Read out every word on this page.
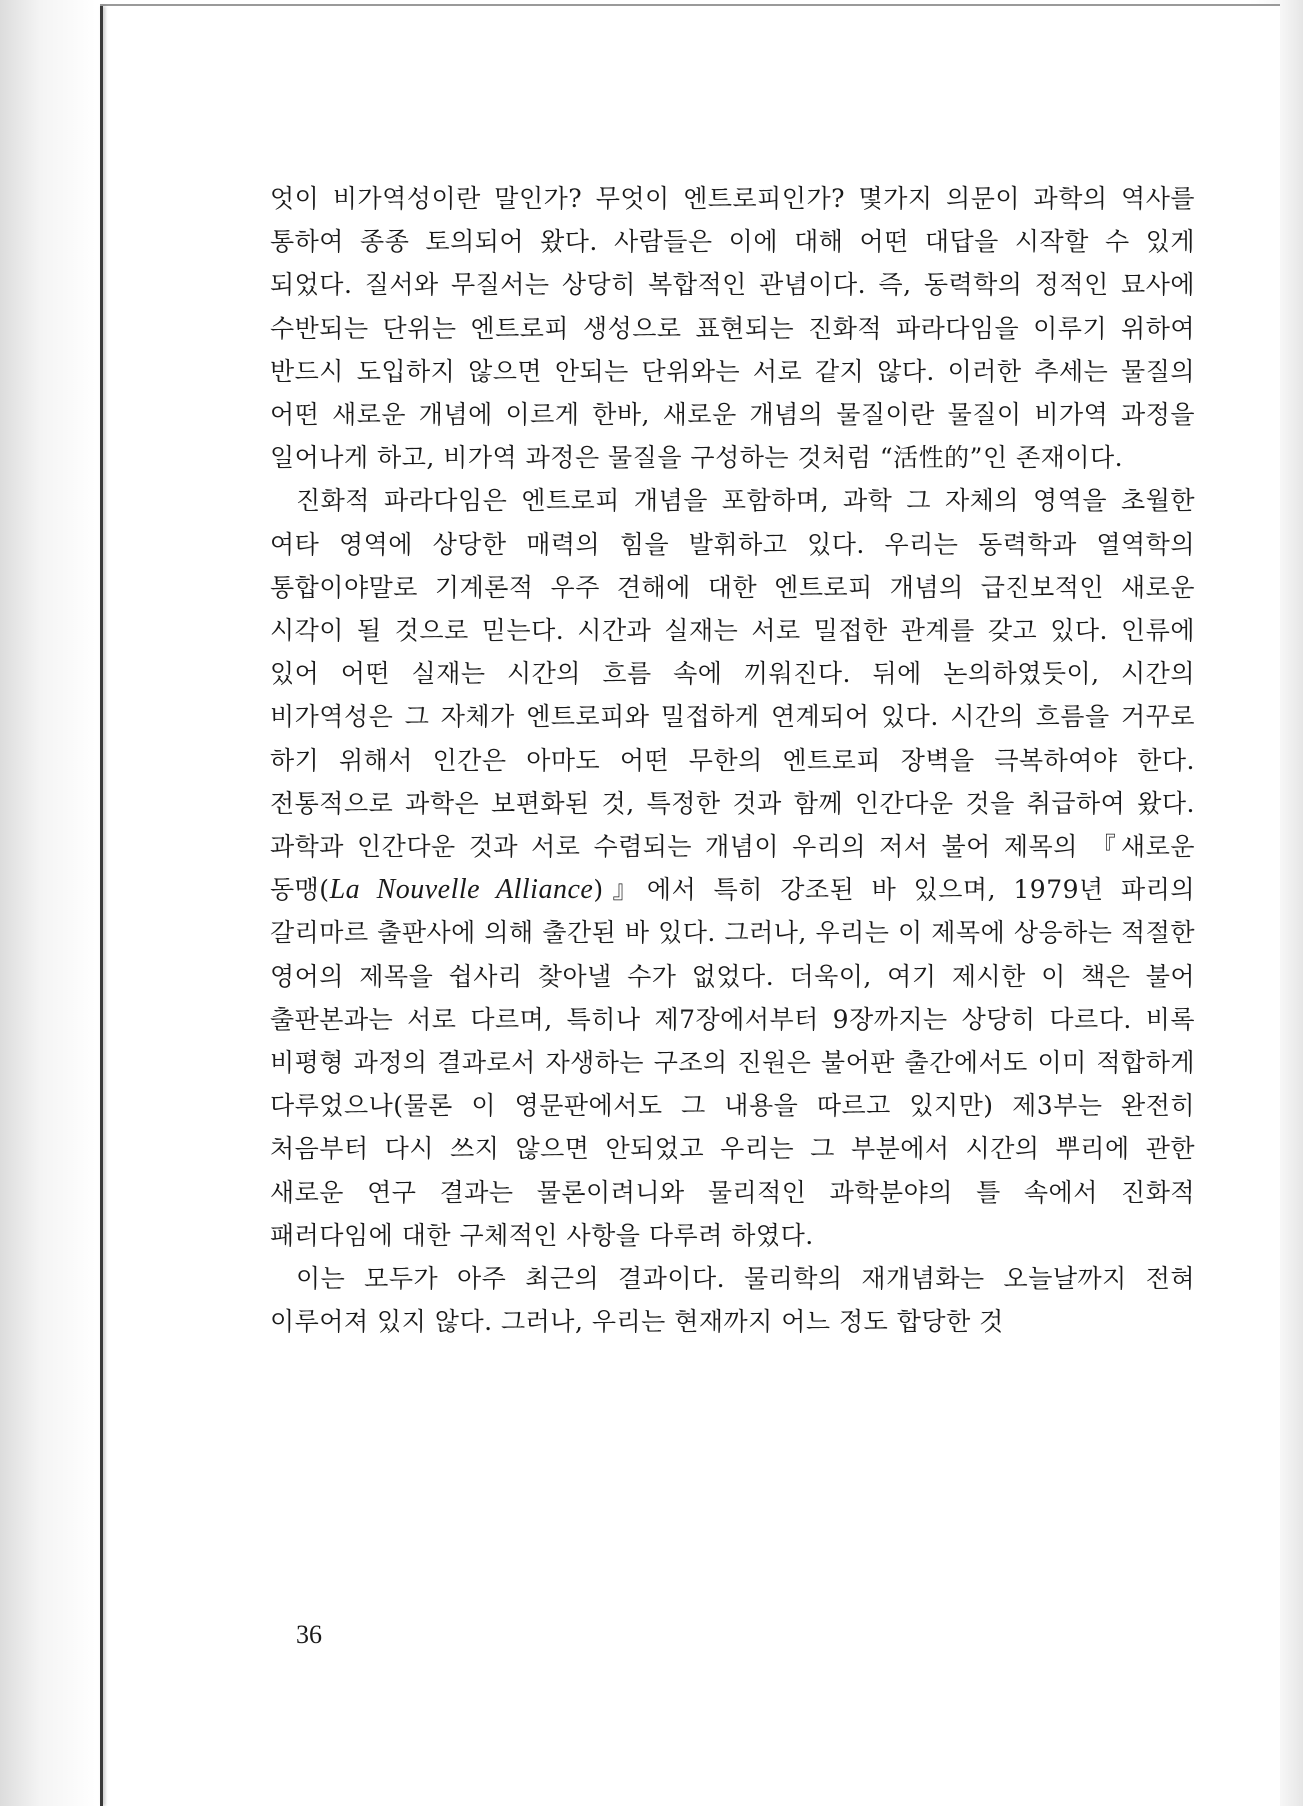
엇이 비가역성이란 말인가? 무엇이 엔트로피인가? 몇가지 의문이 과학의 역사를 통하여 종종 토의되어 왔다. 사람들은 이에 대해 어떤 대답을 시작할 수 있게 되었다. 질서와 무질서는 상당히 복합적인 관념이다. 즉, 동력학의 정적인 묘사에 수반되는 단위는 엔트로피 생성으로 표현되는 진화적 파라다임을 이루기 위하여 반드시 도입하지 않으면 안되는 단위와는 서로 같지 않다. 이러한 추세는 물질의 어떤 새로운 개념에 이르게 한바, 새로운 개념의 물질이란 물질이 비가역 과정을 일어나게 하고, 비가역 과정은 물질을 구성하는 것처럼 “活性的”인 존재이다.

진화적 파라다임은 엔트로피 개념을 포함하며, 과학 그 자체의 영역을 초월한 여타 영역에 상당한 매력의 힘을 발휘하고 있다. 우리는 동력학과 열역학의 통합이야말로 기계론적 우주 견해에 대한 엔트로피 개념의 급진보적인 새로운 시각이 될 것으로 믿는다. 시간과 실재는 서로 밀접한 관계를 갖고 있다. 인류에 있어 어떤 실재는 시간의 흐름 속에 끼워진다. 뒤에 논의하였듯이, 시간의 비가역성은 그 자체가 엔트로피와 밀접하게 연계되어 있다. 시간의 흐름을 거꾸로 하기 위해서 인간은 아마도 어떤 무한의 엔트로피 장벽을 극복하여야 한다. 전통적으로 과학은 보편화된 것, 특정한 것과 함께 인간다운 것을 취급하여 왔다. 과학과 인간다운 것과 서로 수렴되는 개념이 우리의 저서 불어 제목의 『새로운 동맹(La Nouvelle Alliance)』에서 특히 강조된 바 있으며, 1979년 파리의 갈리마르 출판사에 의해 출간된 바 있다. 그러나, 우리는 이 제목에 상응하는 적절한 영어의 제목을 쉽사리 찾아낼 수가 없었다. 더욱이, 여기 제시한 이 책은 불어 출판본과는 서로 다르며, 특히나 제7장에서부터 9장까지는 상당히 다르다. 비록 비평형 과정의 결과로서 자생하는 구조의 진원은 불어판 출간에서도 이미 적합하게 다루었으나(물론 이 영문판에서도 그 내용을 따르고 있지만) 제3부는 완전히 처음부터 다시 쓰지 않으면 안되었고 우리는 그 부분에서 시간의 뿌리에 관한 새로운 연구 결과는 물론이려니와 물리적인 과학분야의 틀 속에서 진화적 패러다임에 대한 구체적인 사항을 다루려 하였다.

이는 모두가 아주 최근의 결과이다. 물리학의 재개념화는 오늘날까지 전혀 이루어져 있지 않다. 그러나, 우리는 현재까지 어느 정도 합당한 것

36
